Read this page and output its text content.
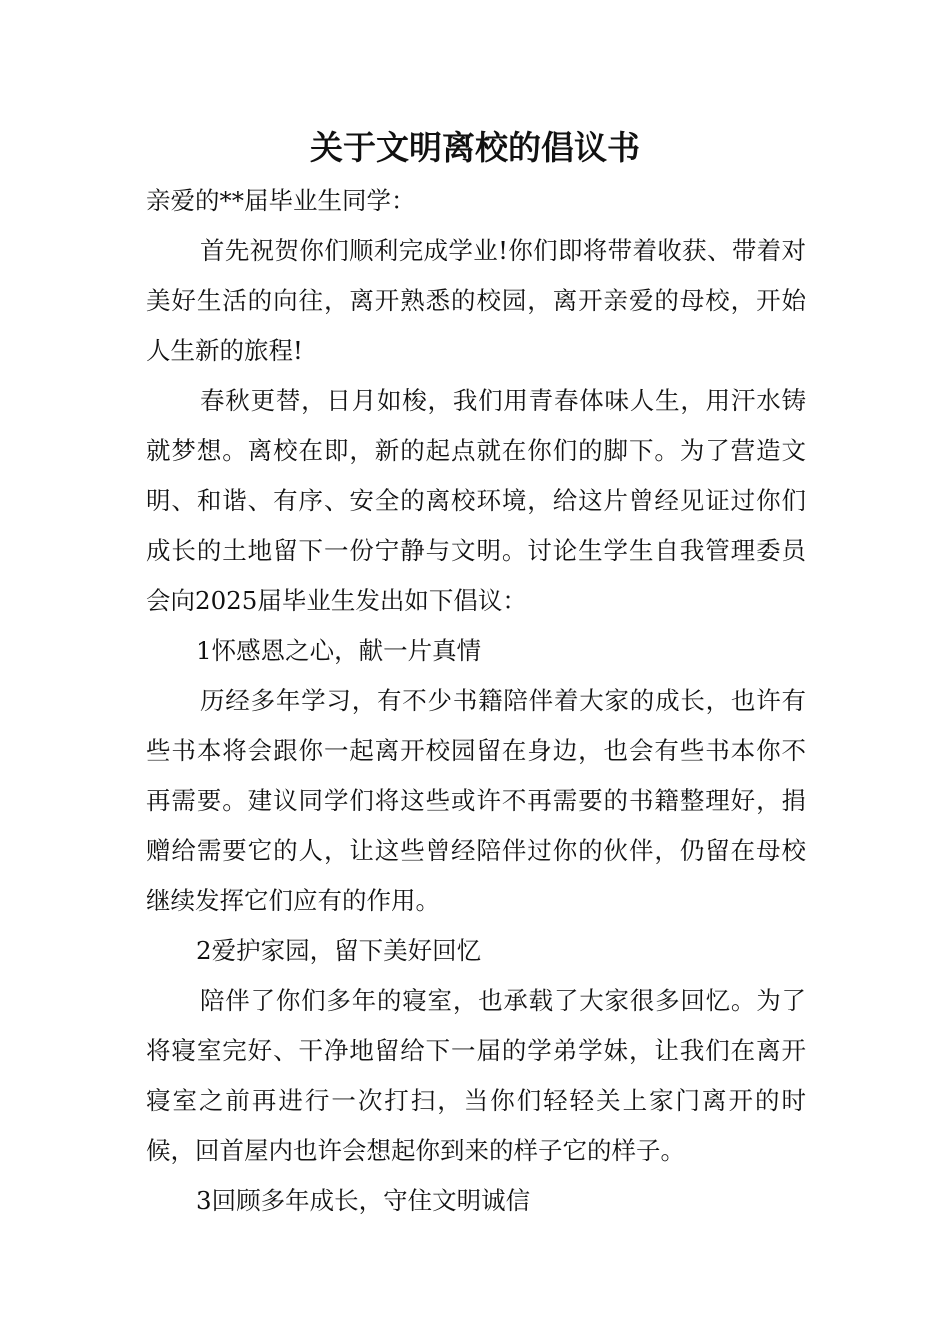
关于文明离校的倡议书

亲爱的**届毕业生同学：

首先祝贺你们顺利完成学业!你们即将带着收获、带着对美好生活的向往，离开熟悉的校园，离开亲爱的母校，开始人生新的旅程!

春秋更替，日月如梭，我们用青春体味人生，用汗水铸就梦想。离校在即，新的起点就在你们的脚下。为了营造文明、和谐、有序、安全的离校环境，给这片曾经见证过你们成长的土地留下一份宁静与文明。讨论生学生自我管理委员会向2025届毕业生发出如下倡议：

1怀感恩之心，献一片真情

历经多年学习，有不少书籍陪伴着大家的成长，也许有些书本将会跟你一起离开校园留在身边，也会有些书本你不再需要。建议同学们将这些或许不再需要的书籍整理好，捐赠给需要它的人，让这些曾经陪伴过你的伙伴，仍留在母校继续发挥它们应有的作用。

2爱护家园，留下美好回忆

陪伴了你们多年的寝室，也承载了大家很多回忆。为了将寝室完好、干净地留给下一届的学弟学妹，让我们在离开寝室之前再进行一次打扫，当你们轻轻关上家门离开的时候，回首屋内也许会想起你到来的样子它的样子。

3回顾多年成长，守住文明诚信
